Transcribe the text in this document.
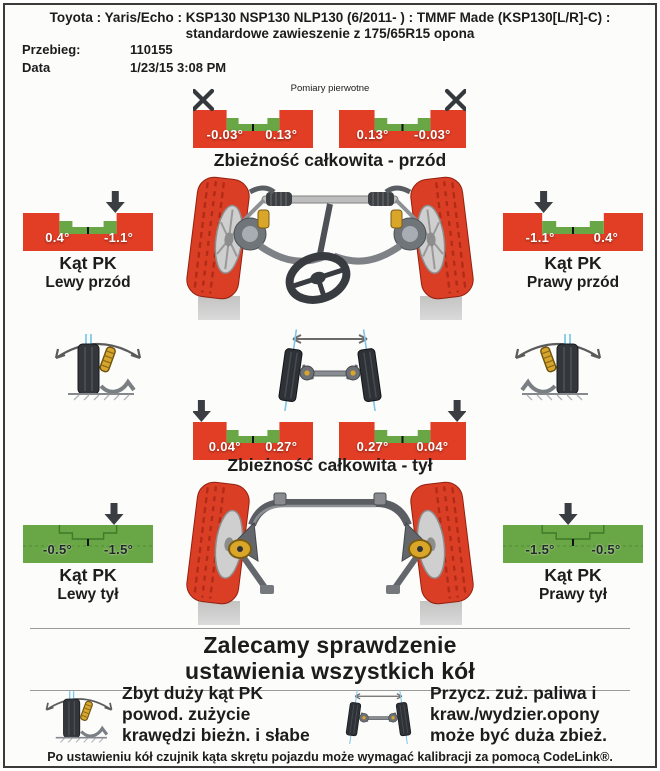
Toyota : Yaris/Echo : KSP130 NSP130 NLP130 (6/2011- ) : TMMF Made (KSP130[L/R]-C) :
standardowe zawieszenie z 175/65R15 opona
Przebieg:	110155
Data	1/23/15 3:08 PM
Pomiary pierwotne
-0.03°	0.13°	0.13°	-0.03°
Zbieżność całkowita - przód
0.4°	-1.1°	-1.1°	0.4°
Kąt PK
Lewy przód
Kąt PK
Prawy przód
0.04°	0.27°	0.27°	0.04°
Zbieżność całkowita - tył
-0.5°	-1.5°	-1.5°	-0.5°
Kąt PK
Lewy tył
Kąt PK
Prawy tył
Zalecamy sprawdzenie
ustawienia wszystkich kół
Zbyt duży kąt PK
powod. zużycie
krawędzi bieżn. i słabe
Przycz. zuż. paliwa i
kraw./wydzier.opony
może być duża zbież.
Po ustawieniu kół czujnik kąta skrętu pojazdu może wymagać kalibracji za pomocą CodeLink®.
